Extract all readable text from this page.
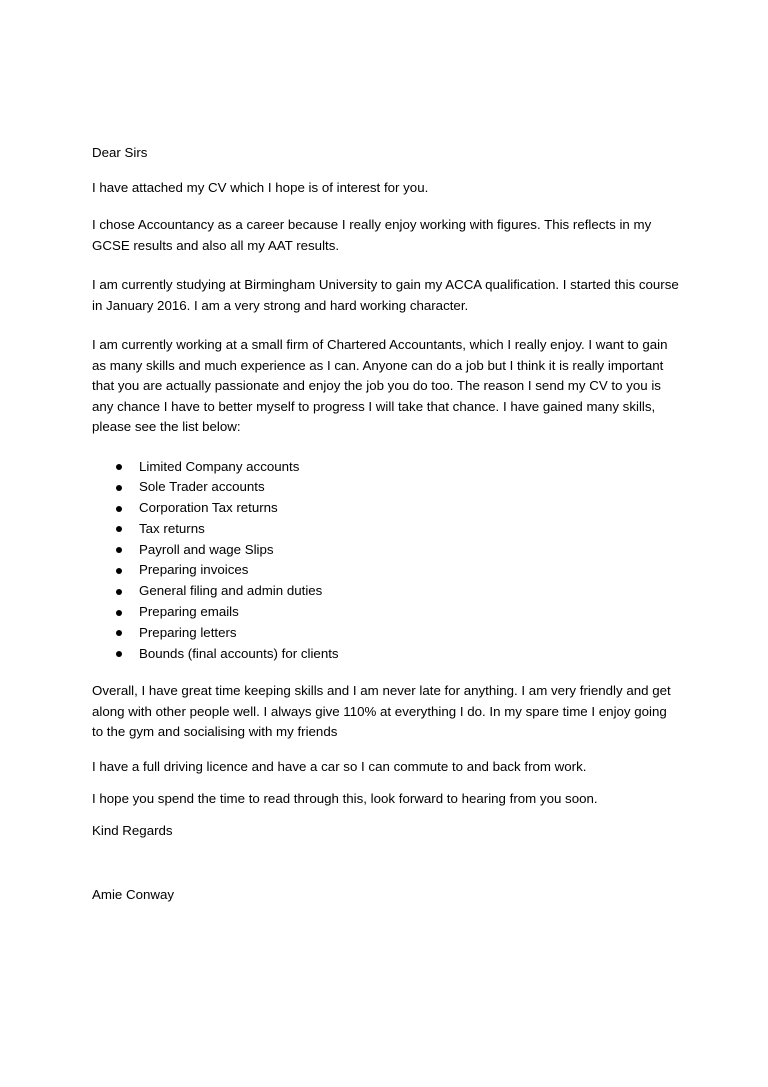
Dear Sirs

I have attached my CV which I hope is of interest for you.

I chose Accountancy as a career because I really enjoy working with figures. This reflects in my GCSE results and also all my AAT results.

I am currently studying at Birmingham University to gain my ACCA qualification. I started this course in January 2016. I am a very strong and hard working character.

I am currently working at a small firm of Chartered Accountants, which I really enjoy. I want to gain as many skills and much experience as I can. Anyone can do a job but I think it is really important that you are actually passionate and enjoy the job you do too. The reason I send my CV to you is any chance I have to better myself to progress I will take that chance. I have gained many skills, please see the list below:

Limited Company accounts
Sole Trader accounts
Corporation Tax returns
Tax returns
Payroll and wage Slips
Preparing invoices
General filing and admin duties
Preparing emails
Preparing letters
Bounds (final accounts) for clients

Overall, I have great time keeping skills and I am never late for anything. I am very friendly and get along with other people well. I always give 110% at everything I do. In my spare time I enjoy going to the gym and socialising with my friends

I have a full driving licence and have a car so I can commute to and back from work.

I hope you spend the time to read through this, look forward to hearing from you soon.

Kind Regards

Amie Conway
